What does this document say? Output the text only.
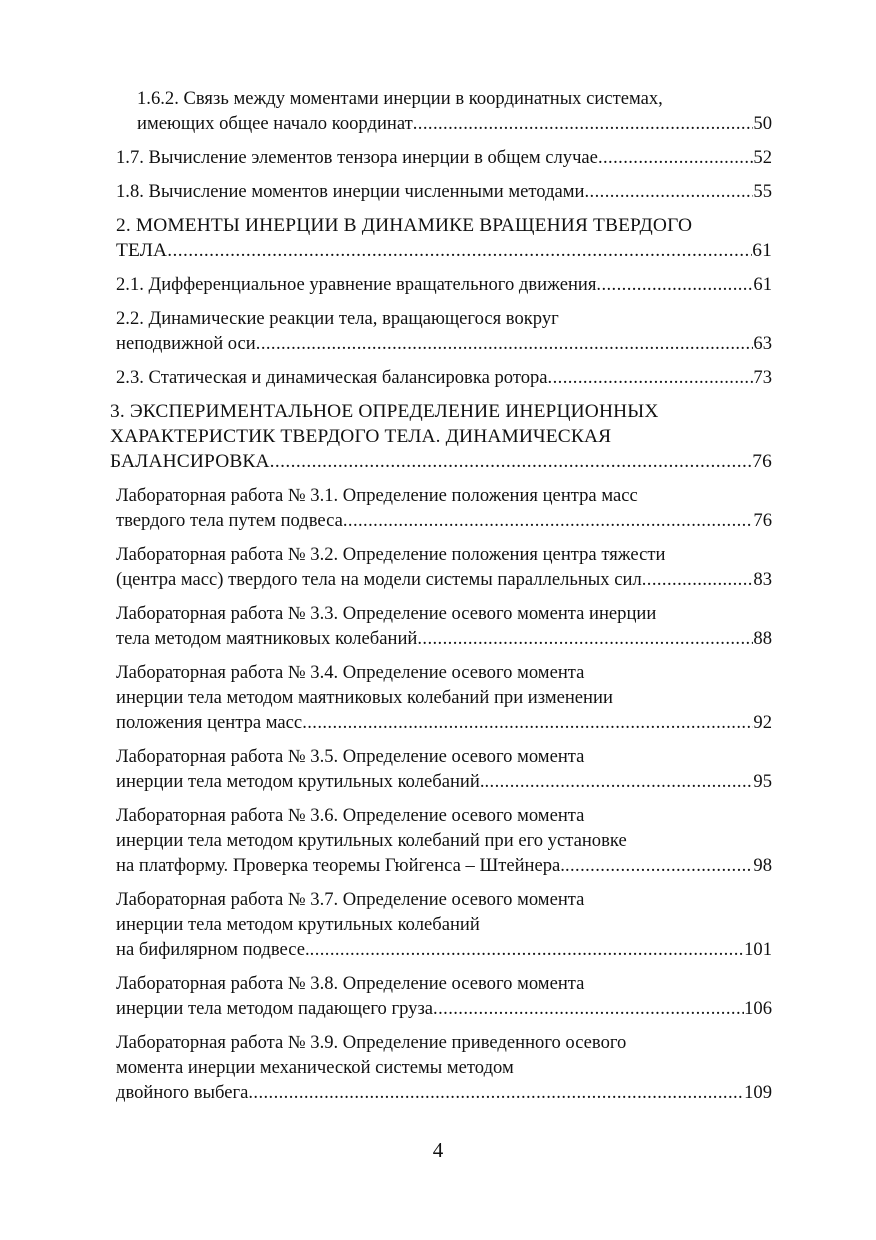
1.6.2. Связь между моментами инерции в координатных системах,
имеющих общее начало координат .....	50
1.7. Вычисление элементов тензора инерции в общем случае .....	52
1.8. Вычисление моментов инерции численными методами .....	55
2. МОМЕНТЫ ИНЕРЦИИ В ДИНАМИКЕ ВРАЩЕНИЯ ТВЕРДОГО
ТЕЛА .....	61
2.1. Дифференциальное уравнение вращательного движения .....	61
2.2. Динамические реакции тела, вращающегося вокруг
неподвижной оси .....	63
2.3. Статическая и динамическая балансировка ротора .....	73
3. ЭКСПЕРИМЕНТАЛЬНОЕ ОПРЕДЕЛЕНИЕ ИНЕРЦИОННЫХ
ХАРАКТЕРИСТИК ТВЕРДОГО ТЕЛА. ДИНАМИЧЕСКАЯ
БАЛАНСИРОВКА .....	76
Лабораторная работа № 3.1. Определение положения центра масс
твердого тела путем подвеса .....	76
Лабораторная работа № 3.2. Определение положения центра тяжести
(центра масс) твердого тела на модели системы параллельных сил .....	83
Лабораторная работа № 3.3. Определение осевого момента инерции
тела методом маятниковых колебаний .....	88
Лабораторная работа № 3.4. Определение осевого момента
инерции тела методом маятниковых колебаний при изменении
положения центра масс .....	92
Лабораторная работа № 3.5. Определение осевого момента
инерции тела методом крутильных колебаний. .....	95
Лабораторная работа № 3.6. Определение осевого момента
инерции тела методом крутильных колебаний при его установке
на платформу. Проверка теоремы Гюйгенса – Штейнера. .....	98
Лабораторная работа № 3.7. Определение осевого момента
инерции тела методом крутильных колебаний
на бифилярном подвесе. .....	101
Лабораторная работа № 3.8. Определение осевого момента
инерции тела методом падающего груза .....	106
Лабораторная работа № 3.9. Определение приведенного осевого
момента инерции механической системы методом
двойного выбега .....	109
4
